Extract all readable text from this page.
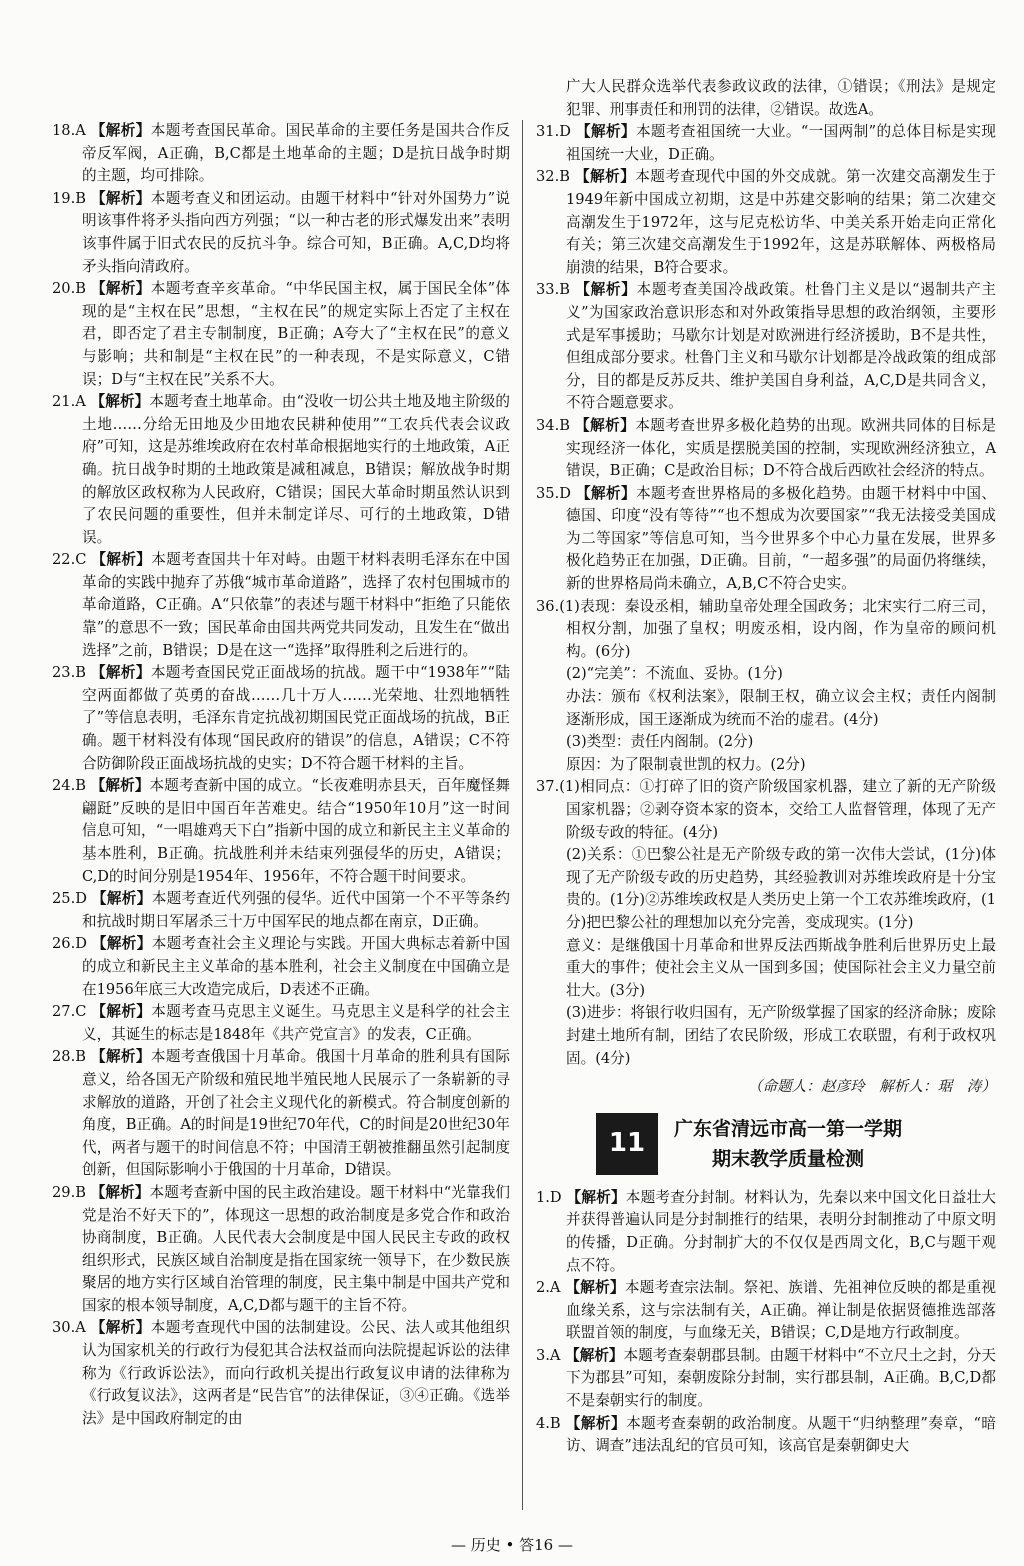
18.A 【解析】本题考查国民革命。国民革命的主要任务是国共合作反帝反军阀，A正确，B,C都是土地革命的主题；D是抗日战争时期的主题，均可排除。

19.B 【解析】本题考查义和团运动。由题干材料中“针对外国势力”说明该事件将矛头指向西方列强；“以一种古老的形式爆发出来”表明该事件属于旧式农民的反抗斗争。综合可知，B正确。A,C,D均将矛头指向清政府。

20.B 【解析】本题考查辛亥革命。“中华民国主权，属于国民全体”体现的是“主权在民”思想，“主权在民”的规定实际上否定了主权在君，即否定了君主专制制度，B正确；A夸大了“主权在民”的意义与影响；共和制是“主权在民”的一种表现，不是实际意义，C错误；D与“主权在民”关系不大。

21.A 【解析】本题考查土地革命。由“没收一切公共土地及地主阶级的土地……分给无田地及少田地农民耕种使用”“工农兵代表会议政府”可知，这是苏维埃政府在农村革命根据地实行的土地政策，A正确。抗日战争时期的土地政策是减租减息，B错误；解放战争时期的解放区政权称为人民政府，C错误；国民大革命时期虽然认识到了农民问题的重要性，但并未制定详尽、可行的土地政策，D错误。

22.C 【解析】本题考查国共十年对峙。由题干材料表明毛泽东在中国革命的实践中抛弃了苏俄“城市革命道路”，选择了农村包围城市的革命道路，C正确。A“只依靠”的表述与题干材料中“拒绝了只能依靠”的意思不一致；国民革命由国共两党共同发动，且发生在“做出选择”之前，B错误；D是在这一“选择”取得胜利之后进行的。

23.B 【解析】本题考查国民党正面战场的抗战。题干中“1938年”“陆空两面都做了英勇的奋战……几十万人……光荣地、壮烈地牺牲了”等信息表明，毛泽东肯定抗战初期国民党正面战场的抗战，B正确。题干材料没有体现“国民政府的错误”的信息，A错误；C不符合防御阶段正面战场抗战的史实；D不符合题干材料的主旨。

24.B 【解析】本题考查新中国的成立。“长夜难明赤县天，百年魔怪舞翩跹”反映的是旧中国百年苦难史。结合“1950年10月”这一时间信息可知，“一唱雄鸡天下白”指新中国的成立和新民主主义革命的基本胜利，B正确。抗战胜利并未结束列强侵华的历史，A错误；C,D的时间分别是1954年、1956年，不符合题干时间要求。

25.D 【解析】本题考查近代列强的侵华。近代中国第一个不平等条约和抗战时期日军屠杀三十万中国军民的地点都在南京，D正确。

26.D 【解析】本题考查社会主义理论与实践。开国大典标志着新中国的成立和新民主主义革命的基本胜利，社会主义制度在中国确立是在1956年底三大改造完成后，D表述不正确。

27.C 【解析】本题考查马克思主义诞生。马克思主义是科学的社会主义，其诞生的标志是1848年《共产党宣言》的发表，C正确。

28.B 【解析】本题考查俄国十月革命。俄国十月革命的胜利具有国际意义，给各国无产阶级和殖民地半殖民地人民展示了一条崭新的寻求解放的道路，开创了社会主义现代化的新模式。符合制度创新的角度，B正确。A的时间是19世纪70年代，C的时间是20世纪30年代，两者与题干的时间信息不符；中国清王朝被推翻虽然引起制度创新，但国际影响小于俄国的十月革命，D错误。

29.B 【解析】本题考查新中国的民主政治建设。题干材料中“光靠我们党是治不好天下的”，体现这一思想的政治制度是多党合作和政治协商制度，B正确。人民代表大会制度是中国人民民主专政的政权组织形式，民族区域自治制度是指在国家统一领导下，在少数民族聚居的地方实行区域自治管理的制度，民主集中制是中国共产党和国家的根本领导制度，A,C,D都与题干的主旨不符。

30.A 【解析】本题考查现代中国的法制建设。公民、法人或其他组织认为国家机关的行政行为侵犯其合法权益而向法院提起诉讼的法律称为《行政诉讼法》，而向行政机关提出行政复议申请的法律称为《行政复议法》，这两者是“民告官”的法律保证，③④正确。《选举法》是中国政府制定的由

广大人民群众选举代表参政议政的法律，①错误；《刑法》是规定犯罪、刑事责任和刑罚的法律，②错误。故选A。

31.D 【解析】本题考查祖国统一大业。“一国两制”的总体目标是实现祖国统一大业，D正确。

32.B 【解析】本题考查现代中国的外交成就。第一次建交高潮发生于1949年新中国成立初期，这是中苏建交影响的结果；第二次建交高潮发生于1972年，这与尼克松访华、中美关系开始走向正常化有关；第三次建交高潮发生于1992年，这是苏联解体、两极格局崩溃的结果，B符合要求。

33.B 【解析】本题考查美国冷战政策。杜鲁门主义是以“遏制共产主义”为国家政治意识形态和对外政策指导思想的政治纲领，主要形式是军事援助；马歇尔计划是对欧洲进行经济援助，B不是共性，但组成部分要求。杜鲁门主义和马歇尔计划都是冷战政策的组成部分，目的都是反苏反共、维护美国自身利益，A,C,D是共同含义，不符合题意要求。

34.B 【解析】本题考查世界多极化趋势的出现。欧洲共同体的目标是实现经济一体化，实质是摆脱美国的控制，实现欧洲经济独立，A错误，B正确；C是政治目标；D不符合战后西欧社会经济的特点。

35.D 【解析】本题考查世界格局的多极化趋势。由题干材料中中国、德国、印度“没有等待”“也不想成为次要国家”“我无法接受美国成为二等国家”等信息可知，当今世界多个中心力量在发展，世界多极化趋势正在加强，D正确。目前，“一超多强”的局面仍将继续，新的世界格局尚未确立，A,B,C不符合史实。

36.(1)表现：秦设丞相，辅助皇帝处理全国政务；北宋实行二府三司，相权分割，加强了皇权；明废丞相，设内阁，作为皇帝的顾问机构。(6分)

(2)“完美”：不流血、妥协。(1分)

办法：颁布《权利法案》，限制王权，确立议会主权；责任内阁制逐渐形成，国王逐渐成为统而不治的虚君。(4分)

(3)类型：责任内阁制。(2分)

原因：为了限制袁世凯的权力。(2分)

37.(1)相同点：①打碎了旧的资产阶级国家机器，建立了新的无产阶级国家机器；②剥夺资本家的资本，交给工人监督管理，体现了无产阶级专政的特征。(4分)

(2)关系：①巴黎公社是无产阶级专政的第一次伟大尝试，(1分)体现了无产阶级专政的历史趋势，其经验教训对苏维埃政府是十分宝贵的。(1分)②苏维埃政权是人类历史上第一个工农苏维埃政府，(1分)把巴黎公社的理想加以充分完善，变成现实。(1分)

意义：是继俄国十月革命和世界反法西斯战争胜利后世界历史上最重大的事件；使社会主义从一国到多国；使国际社会主义力量空前壮大。(3分)

(3)进步：将银行收归国有，无产阶级掌握了国家的经济命脉；废除封建土地所有制，团结了农民阶级，形成工农联盟，有利于政权巩固。(4分)

（命题人：赵彦玲　解析人：琚　涛）

11	广东省清远市高一第一学期
期末教学质量检测

1.D 【解析】本题考查分封制。材料认为，先秦以来中国文化日益壮大并获得普遍认同是分封制推行的结果，表明分封制推动了中原文明的传播，D正确。分封制扩大的不仅仅是西周文化，B,C与题干观点不符。

2.A 【解析】本题考查宗法制。祭祀、族谱、先祖神位反映的都是重视血缘关系，这与宗法制有关，A正确。禅让制是依据贤德推选部落联盟首领的制度，与血缘无关，B错误；C,D是地方行政制度。

3.A 【解析】本题考查秦朝郡县制。由题干材料中“不立尺土之封，分天下为郡县”可知，秦朝废除分封制，实行郡县制，A正确。B,C,D都不是秦朝实行的制度。

4.B 【解析】本题考查秦朝的政治制度。从题干“归纳整理”奏章，“暗访、调查”违法乱纪的官员可知，该高官是秦朝御史大

— 历史 • 答16 —
